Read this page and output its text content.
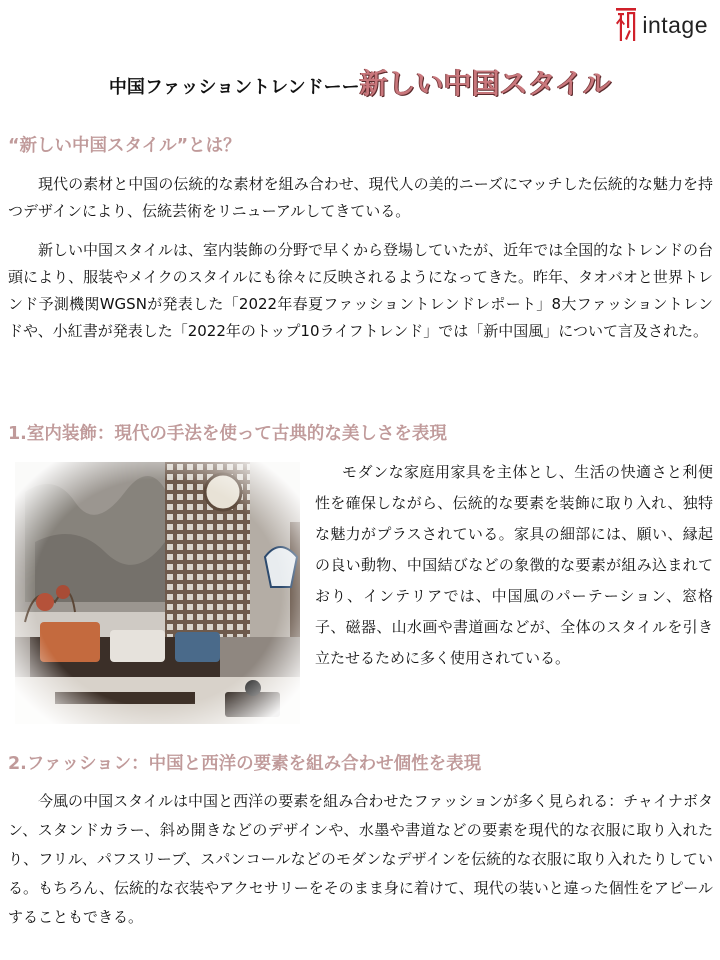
intage
中国ファッショントレンドーー新しい中国スタイル
“新しい中国スタイル”とは？

現代の素材と中国の伝統的な素材を組み合わせ、現代人の美的ニーズにマッチした伝統的な魅力を持つデザインにより、伝統芸術をリニューアルしてきている。

新しい中国スタイルは、室内装飾の分野で早くから登場していたが、近年では全国的なトレンドの台頭により、服装やメイクのスタイルにも徐々に反映されるようになってきた。昨年、タオバオと世界トレンド予測機関WGSNが発表した「2022年春夏ファッショントレンドレポート」8大ファッショントレンドや、小紅書が発表した「2022年のトップ10ライフトレンド」では「新中国風」について言及された。

1.室内装飾：現代の手法を使って古典的な美しさを表現

モダンな家庭用家具を主体とし、生活の快適さと利便性を確保しながら、伝統的な要素を装飾に取り入れ、独特な魅力がプラスされている。家具の細部には、願い、縁起の良い動物、中国結びなどの象徴的な要素が組み込まれており、インテリアでは、中国風のパーテーション、窓格子、磁器、山水画や書道画などが、全体のスタイルを引き立たせるために多く使用されている。

2.ファッション：中国と西洋の要素を組み合わせ個性を表現

今風の中国スタイルは中国と西洋の要素を組み合わせたファッションが多く見られる：チャイナボタン、スタンドカラー、斜め開きなどのデザインや、水墨や書道などの要素を現代的な衣服に取り入れたり、フリル、パフスリーブ、スパンコールなどのモダンなデザインを伝統的な衣服に取り入れたりしている。もちろん、伝統的な衣装やアクセサリーをそのまま身に着けて、現代の装いと違った個性をアピールすることもできる。
